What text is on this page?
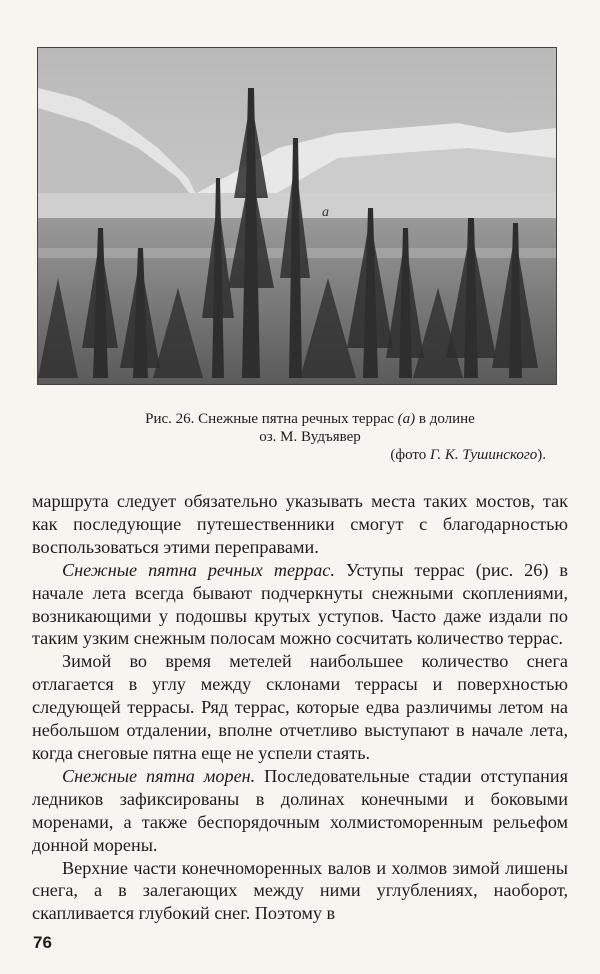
a
Рис. 26. Снежные пятна речных террас (а) в долине
оз. М. Вудъявер
(фото Г. К. Тушинского).

маршрута следует обязательно указывать места таких мостов, так как последующие путешественники смогут с благодарностью воспользоваться этими переправами.

Снежные пятна речных террас. Уступы террас (рис. 26) в начале лета всегда бывают подчеркнуты снежными скоплениями, возникающими у подошвы крутых уступов. Часто даже издали по таким узким снежным полосам можно сосчитать количество террас.

Зимой во время метелей наибольшее количество снега отлагается в углу между склонами террасы и поверхностью следующей террасы. Ряд террас, которые едва различимы летом на небольшом отдалении, вполне отчетливо выступают в начале лета, когда снеговые пятна еще не успели стаять.

Снежные пятна морен. Последовательные стадии отступания ледников зафиксированы в долинах конечными и боковыми моренами, а также беспорядочным холмистоморенным рельефом донной морены.

Верхние части конечноморенных валов и холмов зимой лишены снега, а в залегающих между ними углублениях, наоборот, скапливается глубокий снег. Поэтому в

76
